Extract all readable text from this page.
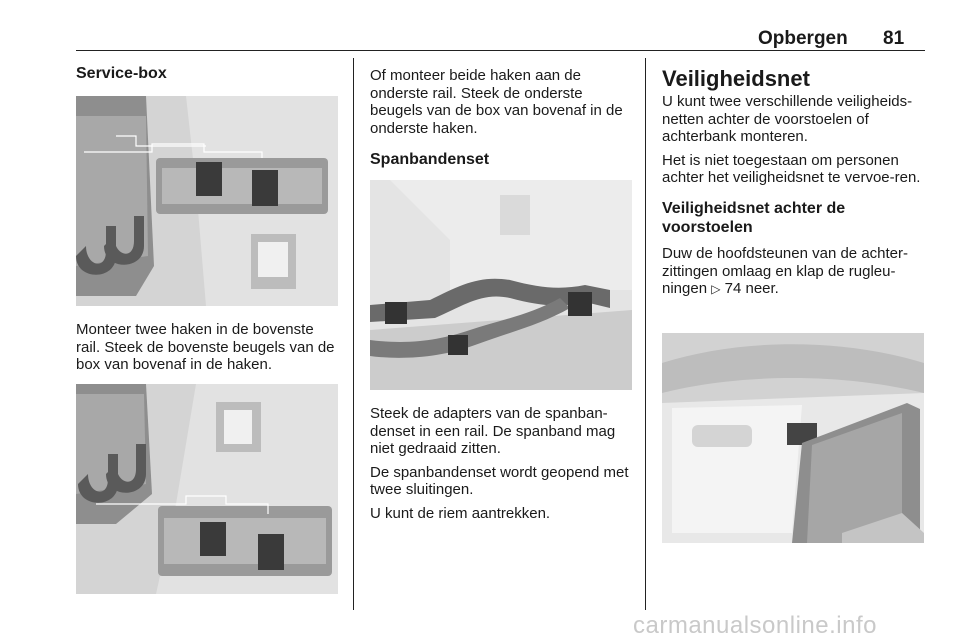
Opbergen 81
Service-box

Monteer twee haken in de bovenste rail. Steek de bovenste beugels van de box van bovenaf in de haken.

Of monteer beide haken aan de onderste rail. Steek de onderste beugels van de box van bovenaf in de onderste haken.

Spanbandenset

Steek de adapters van de spanban-denset in een rail. De spanband mag niet gedraaid zitten.

De spanbandenset wordt geopend met twee sluitingen.

U kunt de riem aantrekken.

Veiligheidsnet

U kunt twee verschillende veiligheids-netten achter de voorstoelen of achterbank monteren.

Het is niet toegestaan om personen achter het veiligheidsnet te vervoe-ren.

Veiligheidsnet achter de voorstoelen

Duw de hoofdsteunen van de achter-zittingen omlaag en klap de rugleu-ningen ▷ 74 neer.

carmanualsonline.info
